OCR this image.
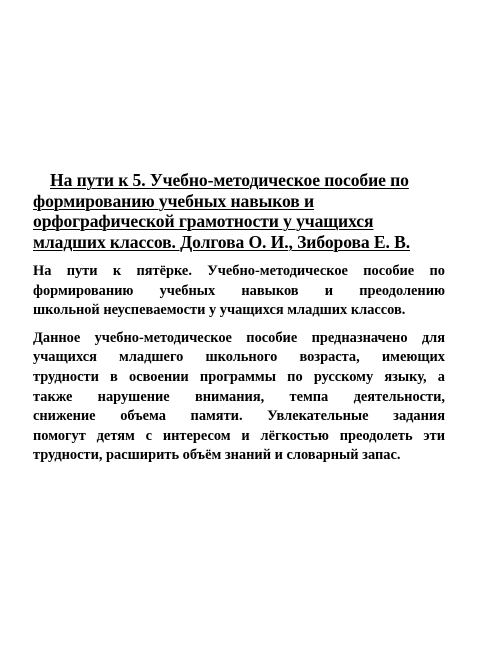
На пути к 5. Учебно-методическое пособие по
формированию учебных навыков и
орфографической грамотности у учащихся
младших классов. Долгова О. И., Зиборова Е. В.

На пути к пятёрке. Учебно-методическое пособие по
формированию учебных навыков и преодолению
школьной неуспеваемости у учащихся младших классов.

Данное учебно-методическое пособие предназначено для
учащихся младшего школьного возраста, имеющих
трудности в освоении программы по русскому языку, а
также нарушение внимания, темпа деятельности,
снижение объема памяти. Увлекательные задания
помогут детям с интересом и лёгкостью преодолеть эти
трудности, расширить объём знаний и словарный запас.
